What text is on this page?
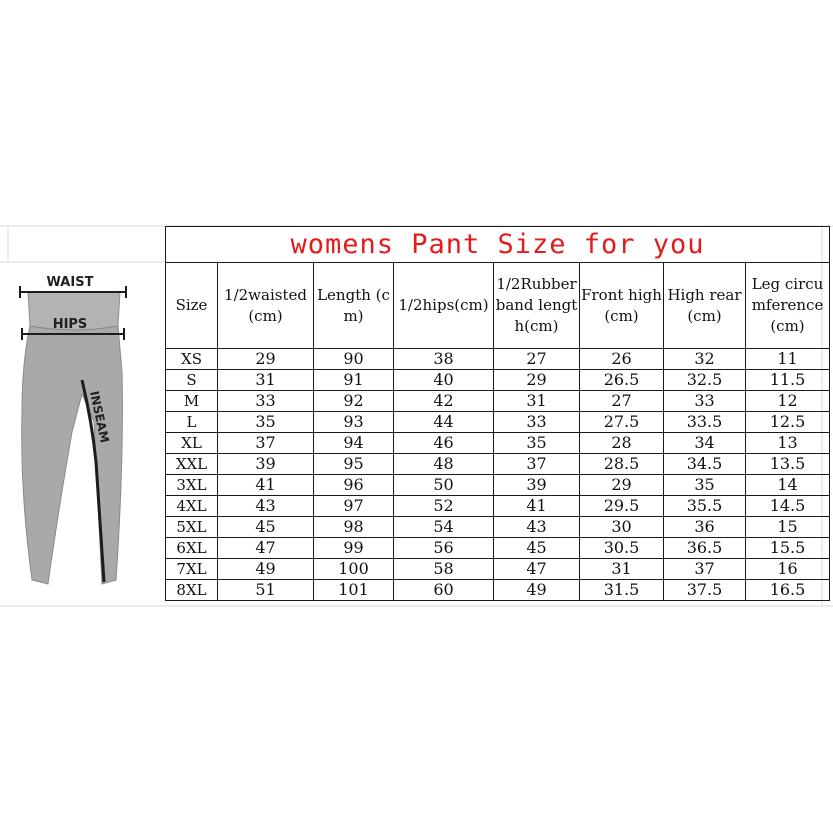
WAIST
HIPS
INSEAM
womens Pant Size for you							

Size	1/2waisted (cm)	Length (cm)	1/2hips(cm)	1/2Rubber band length(cm)	Front high (cm)	High rear (cm)	Leg circumference(cm)

XS	29	90	38	27	26	32	11
S	31	91	40	29	26.5	32.5	11.5
M	33	92	42	31	27	33	12
L	35	93	44	33	27.5	33.5	12.5
XL	37	94	46	35	28	34	13
XXL	39	95	48	37	28.5	34.5	13.5
3XL	41	96	50	39	29	35	14
4XL	43	97	52	41	29.5	35.5	14.5
5XL	45	98	54	43	30	36	15
6XL	47	99	56	45	30.5	36.5	15.5
7XL	49	100	58	47	31	37	16
8XL	51	101	60	49	31.5	37.5	16.5
